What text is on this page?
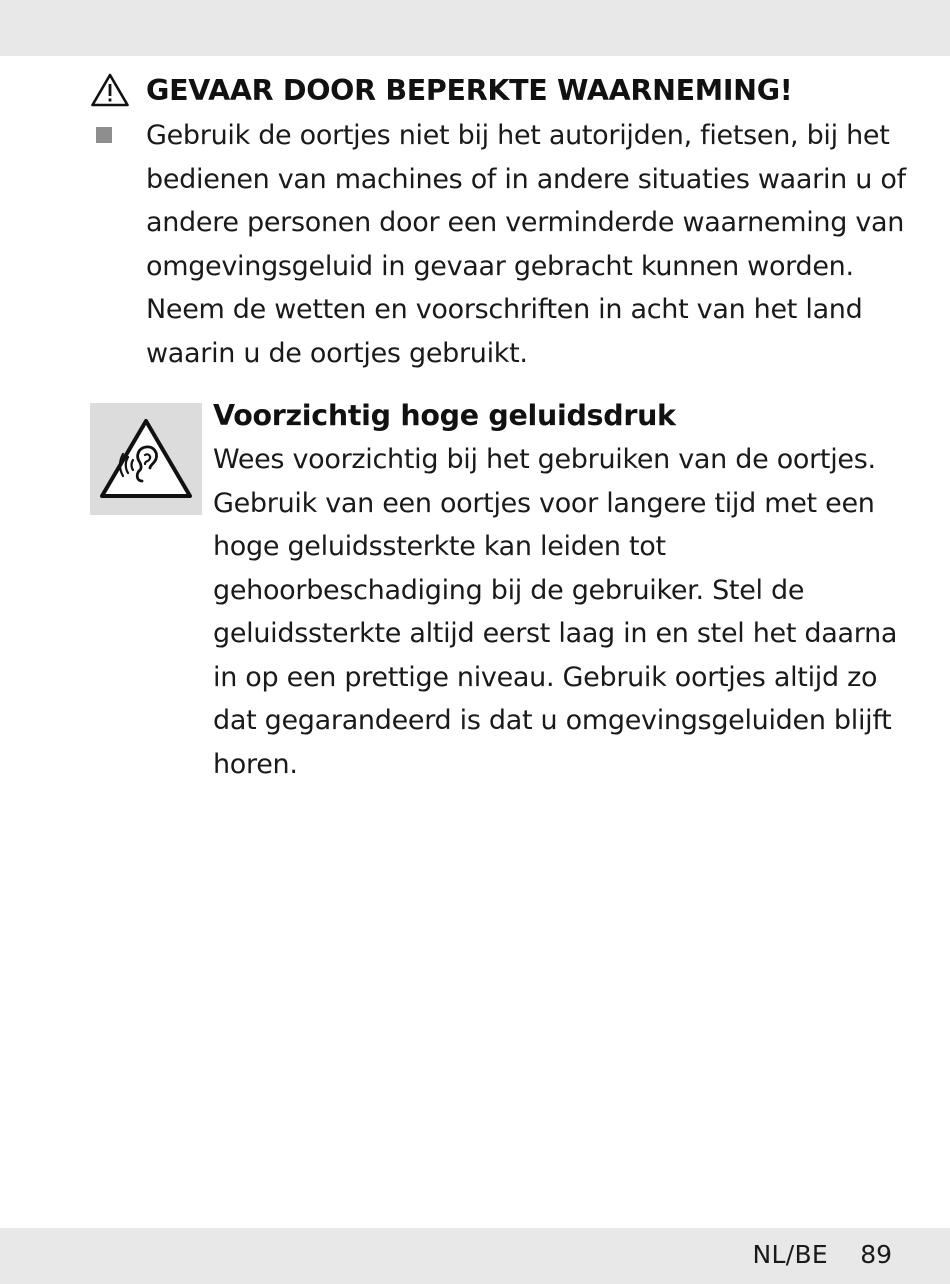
GEVAAR DOOR BEPERKTE WAARNEMING!
Gebruik de oortjes niet bij het autorijden, fietsen, bij het bedienen van machines of in andere situaties waarin u of andere personen door een verminderde waarneming van omgevingsgeluid in gevaar gebracht kunnen worden. Neem de wetten en voorschriften in acht van het land waarin u de oortjes gebruikt.
Voorzichtig hoge geluidsdruk
Wees voorzichtig bij het gebruiken van de oortjes. Gebruik van een oortjes voor langere tijd met een hoge geluidssterkte kan leiden tot gehoorbeschadiging bij de gebruiker. Stel de geluidssterkte altijd eerst laag in en stel het daarna in op een prettige niveau. Gebruik oortjes altijd zo dat gegarandeerd is dat u omgevingsgeluiden blijft horen.
NL/BE 89
